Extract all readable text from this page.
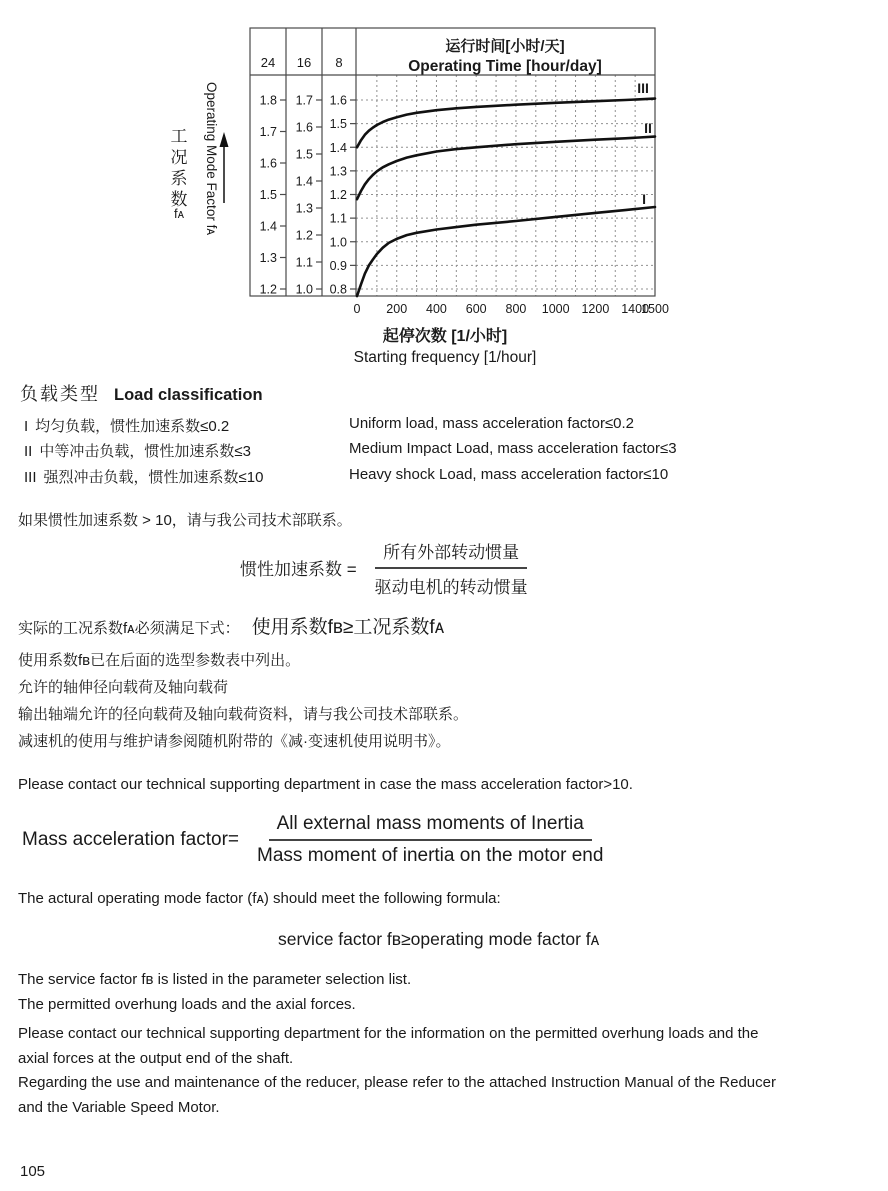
24
1.8
1.7
1.6
1.5
1.4
1.3
1.2
16
1.7
1.6
1.5
1.4
1.3
1.2
1.1
1.0
8
1.6
1.5
1.4
1.3
1.2
1.1
1.0
0.9
0.8
运行时间[小时/天]
Operating Time [hour/day]
0 200 400 600 800 1000 1200 1400
1500
起停次数 [1/小时]
Starting frequency [1/hour]
III
II
I
工
况
系
数
fᴀ Operating Mode Factor fᴀ
负载类型 Load classification
I 均匀负载，惯性加速系数≤0.2
II 中等冲击负载，惯性加速系数≤3
III 强烈冲击负载，惯性加速系数≤10
Uniform load, mass acceleration factor≤0.2
Medium Impact Load, mass acceleration factor≤3
Heavy shock Load, mass acceleration factor≤10
如果惯性加速系数 > 10，请与我公司技术部联系。
惯性加速系数 = $\frac{\text{所有外部转动惯量}}{\text{驱动电机的转动惯量}}$
实际的工况系数fᴀ必须满足下式： 使用系数fʙ≥工况系数fᴀ
使用系数fʙ已在后面的选型参数表中列出。
允许的轴伸径向载荷及轴向载荷
输出轴端允许的径向载荷及轴向载荷资料，请与我公司技术部联系。
减速机的使用与维护请参阅随机附带的《减·变速机使用说明书》。
Please contact our technical supporting department in case the mass acceleration factor>10.
Mass acceleration factor= $\frac{\text{All external mass moments of Inertia}}{\text{Mass moment of inertia on the motor end}}$
The actural operating mode factor (fᴀ) should meet the following formula:
service factor fʙ≥operating mode factor fᴀ
The service factor fʙ is listed in the parameter selection list.
The permitted overhung loads and the axial forces.
Please contact our technical supporting department for the information on the permitted overhung loads and the
axial forces at the output end of the shaft.
Regarding the use and maintenance of the reducer, please refer to the attached Instruction Manual of the Reducer
and the Variable Speed Motor.
105
